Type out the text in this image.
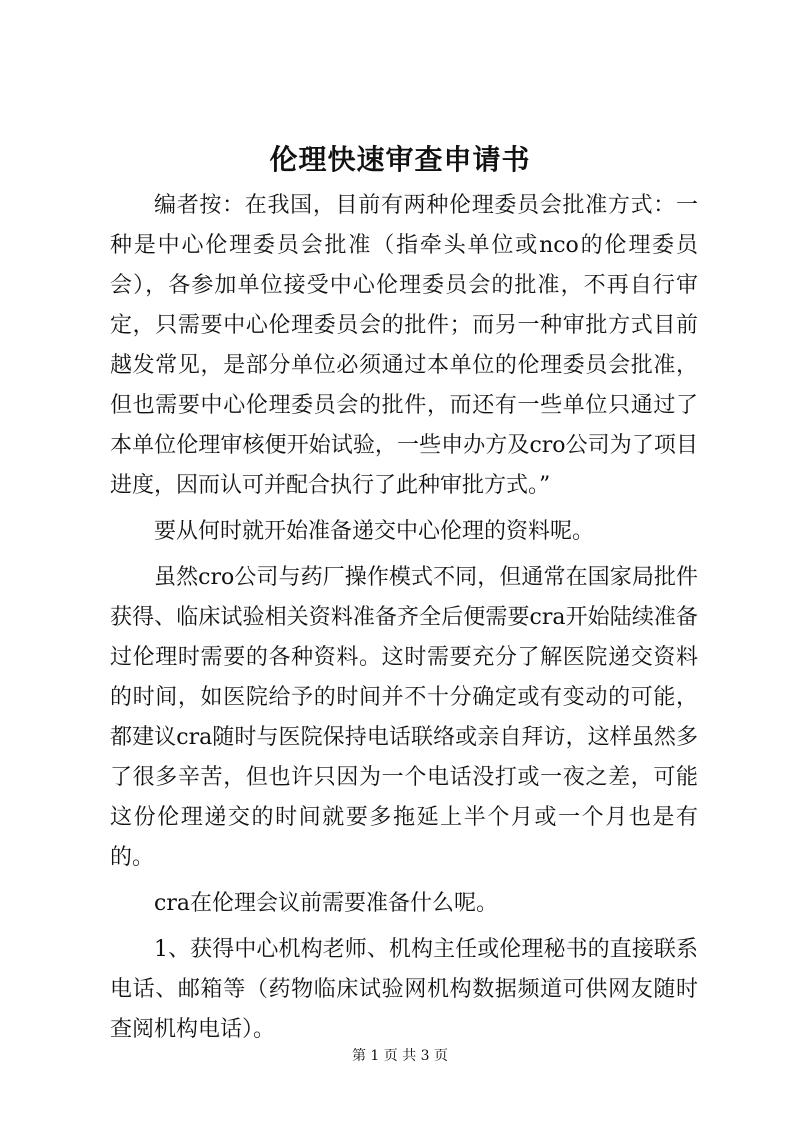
伦理快速审查申请书

编者按：在我国，目前有两种伦理委员会批准方式：一种是中心伦理委员会批准（指牵头单位或nco的伦理委员会），各参加单位接受中心伦理委员会的批准，不再自行审定，只需要中心伦理委员会的批件；而另一种审批方式目前越发常见，是部分单位必须通过本单位的伦理委员会批准，但也需要中心伦理委员会的批件，而还有一些单位只通过了本单位伦理审核便开始试验，一些申办方及cro公司为了项目进度，因而认可并配合执行了此种审批方式。”

要从何时就开始准备递交中心伦理的资料呢。

虽然cro公司与药厂操作模式不同，但通常在国家局批件获得、临床试验相关资料准备齐全后便需要cra开始陆续准备过伦理时需要的各种资料。这时需要充分了解医院递交资料的时间，如医院给予的时间并不十分确定或有变动的可能，都建议cra随时与医院保持电话联络或亲自拜访，这样虽然多了很多辛苦，但也许只因为一个电话没打或一夜之差，可能这份伦理递交的时间就要多拖延上半个月或一个月也是有的。

cra在伦理会议前需要准备什么呢。

1、获得中心机构老师、机构主任或伦理秘书的直接联系电话、邮箱等（药物临床试验网机构数据频道可供网友随时查阅机构电话）。

第 1 页 共 3 页
